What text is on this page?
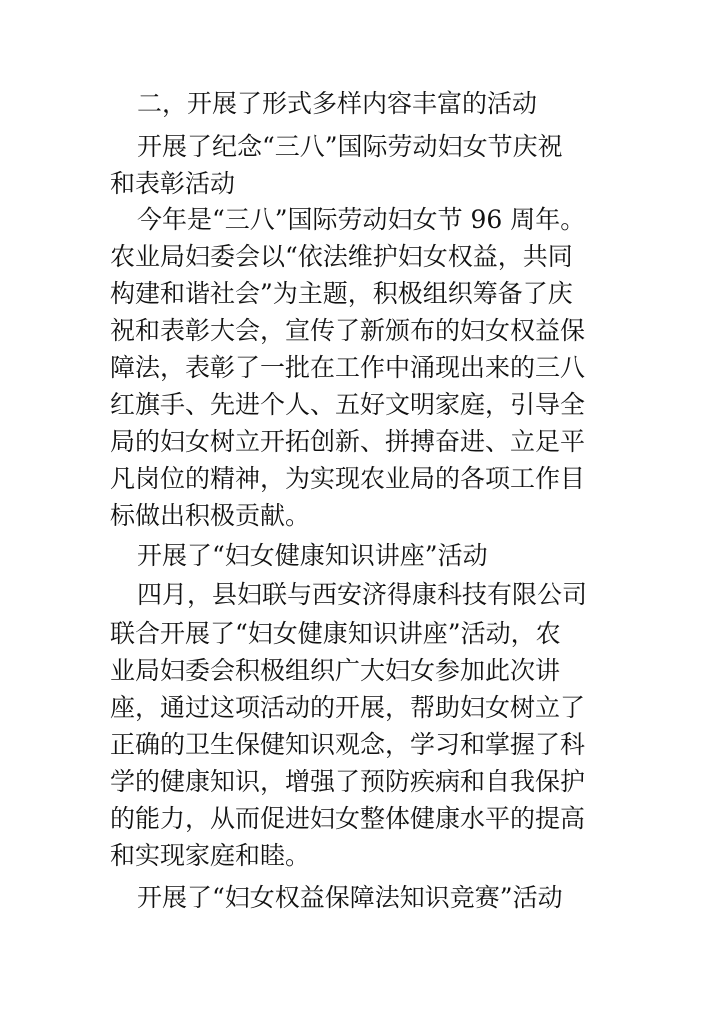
二，开展了形式多样内容丰富的活动
开展了纪念“三八”国际劳动妇女节庆祝
和表彰活动
今年是“三八”国际劳动妇女节 96 周年。
农业局妇委会以“依法维护妇女权益，共同
构建和谐社会”为主题，积极组织筹备了庆
祝和表彰大会，宣传了新颁布的妇女权益保
障法，表彰了一批在工作中涌现出来的三八
红旗手、先进个人、五好文明家庭，引导全
局的妇女树立开拓创新、拼搏奋进、立足平
凡岗位的精神，为实现农业局的各项工作目
标做出积极贡献。
开展了“妇女健康知识讲座”活动
四月，县妇联与西安济得康科技有限公司
联合开展了“妇女健康知识讲座”活动，农
业局妇委会积极组织广大妇女参加此次讲
座，通过这项活动的开展，帮助妇女树立了
正确的卫生保健知识观念，学习和掌握了科
学的健康知识，增强了预防疾病和自我保护
的能力，从而促进妇女整体健康水平的提高
和实现家庭和睦。
开展了“妇女权益保障法知识竞赛”活动
